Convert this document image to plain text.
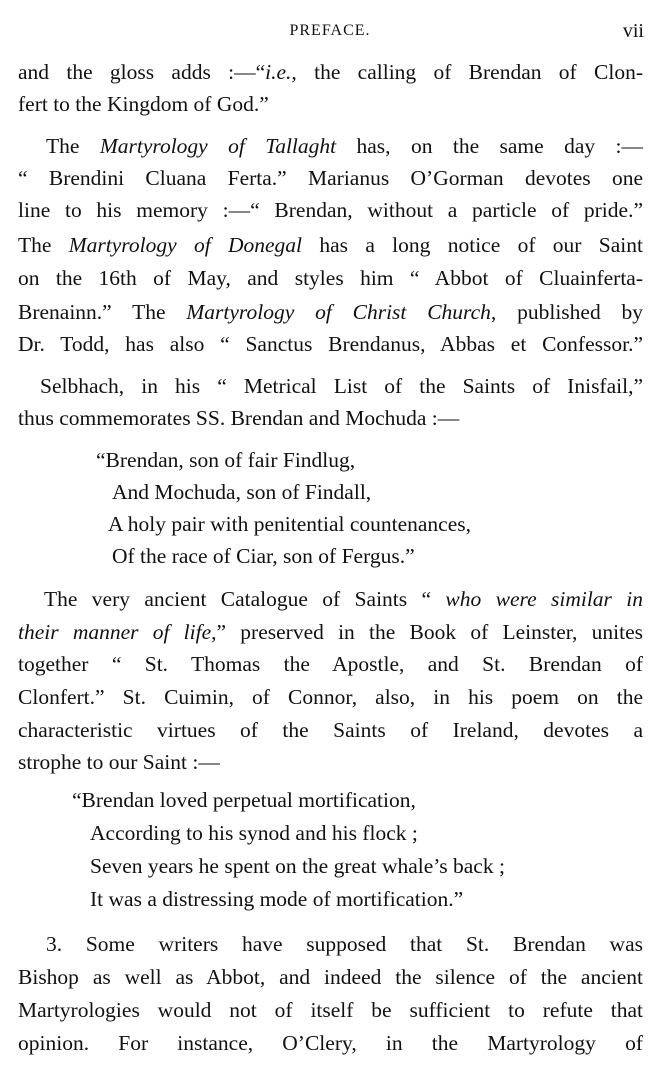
PREFACE.	vii
and the gloss adds :—“i.e., the calling of Brendan of Clon-
fert to the Kingdom of God.”
The Martyrology of Tallaght has, on the same day :—
“ Brendini Cluana Ferta.” Marianus O’Gorman devotes one
line to his memory :—“ Brendan, without a particle of pride.”
The Martyrology of Donegal has a long notice of our Saint
on the 16th of May, and styles him “ Abbot of Cluainferta-
Brenainn.” The Martyrology of Christ Church, published by
Dr. Todd, has also “ Sanctus Brendanus, Abbas et Confessor.”
Selbhach, in his “ Metrical List of the Saints of Inisfail,”
thus commemorates SS. Brendan and Mochuda :—
“Brendan, son of fair Findlug,
And Mochuda, son of Findall,
A holy pair with penitential countenances,
Of the race of Ciar, son of Fergus.”
The very ancient Catalogue of Saints “ who were similar in
their manner of life,” preserved in the Book of Leinster, unites
together “ St. Thomas the Apostle, and St. Brendan of
Clonfert.” St. Cuimin, of Connor, also, in his poem on the
characteristic virtues of the Saints of Ireland, devotes a
strophe to our Saint :—
“Brendan loved perpetual mortification,
According to his synod and his flock ;
Seven years he spent on the great whale’s back ;
It was a distressing mode of mortification.”
3. Some writers have supposed that St. Brendan was
Bishop as well as Abbot, and indeed the silence of the ancient
Martyrologies would not of itself be sufficient to refute that
opinion. For instance, O’Clery, in the Martyrology of
